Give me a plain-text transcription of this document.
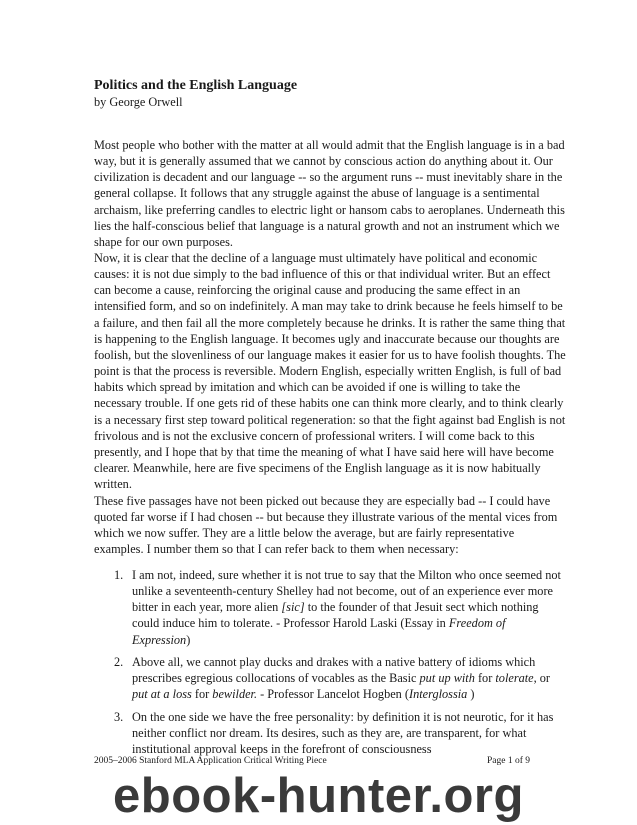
Politics and the English Language
by George Orwell

Most people who bother with the matter at all would admit that the English language is in a bad way, but it is generally assumed that we cannot by conscious action do anything about it. Our civilization is decadent and our language -- so the argument runs -- must inevitably share in the general collapse. It follows that any struggle against the abuse of language is a sentimental archaism, like preferring candles to electric light or hansom cabs to aeroplanes. Underneath this lies the half-conscious belief that language is a natural growth and not an instrument which we shape for our own purposes.

Now, it is clear that the decline of a language must ultimately have political and economic causes: it is not due simply to the bad influence of this or that individual writer. But an effect can become a cause, reinforcing the original cause and producing the same effect in an intensified form, and so on indefinitely. A man may take to drink because he feels himself to be a failure, and then fail all the more completely because he drinks. It is rather the same thing that is happening to the English language. It becomes ugly and inaccurate because our thoughts are foolish, but the slovenliness of our language makes it easier for us to have foolish thoughts. The point is that the process is reversible. Modern English, especially written English, is full of bad habits which spread by imitation and which can be avoided if one is willing to take the necessary trouble. If one gets rid of these habits one can think more clearly, and to think clearly is a necessary first step toward political regeneration: so that the fight against bad English is not frivolous and is not the exclusive concern of professional writers. I will come back to this presently, and I hope that by that time the meaning of what I have said here will have become clearer. Meanwhile, here are five specimens of the English language as it is now habitually written.

These five passages have not been picked out because they are especially bad -- I could have quoted far worse if I had chosen -- but because they illustrate various of the mental vices from which we now suffer. They are a little below the average, but are fairly representative examples. I number them so that I can refer back to them when necessary:

1. I am not, indeed, sure whether it is not true to say that the Milton who once seemed not unlike a seventeenth-century Shelley had not become, out of an experience ever more bitter in each year, more alien [sic] to the founder of that Jesuit sect which nothing could induce him to tolerate. - Professor Harold Laski (Essay in Freedom of Expression)
2. Above all, we cannot play ducks and drakes with a native battery of idioms which prescribes egregious collocations of vocables as the Basic put up with for tolerate, or put at a loss for bewilder. - Professor Lancelot Hogben (Interglossia )
3. On the one side we have the free personality: by definition it is not neurotic, for it has neither conflict nor dream. Its desires, such as they are, are transparent, for what institutional approval keeps in the forefront of consciousness
2005–2006 Stanford MLA Application Critical Writing Piece	Page 1 of 9
ebook-hunter.org
